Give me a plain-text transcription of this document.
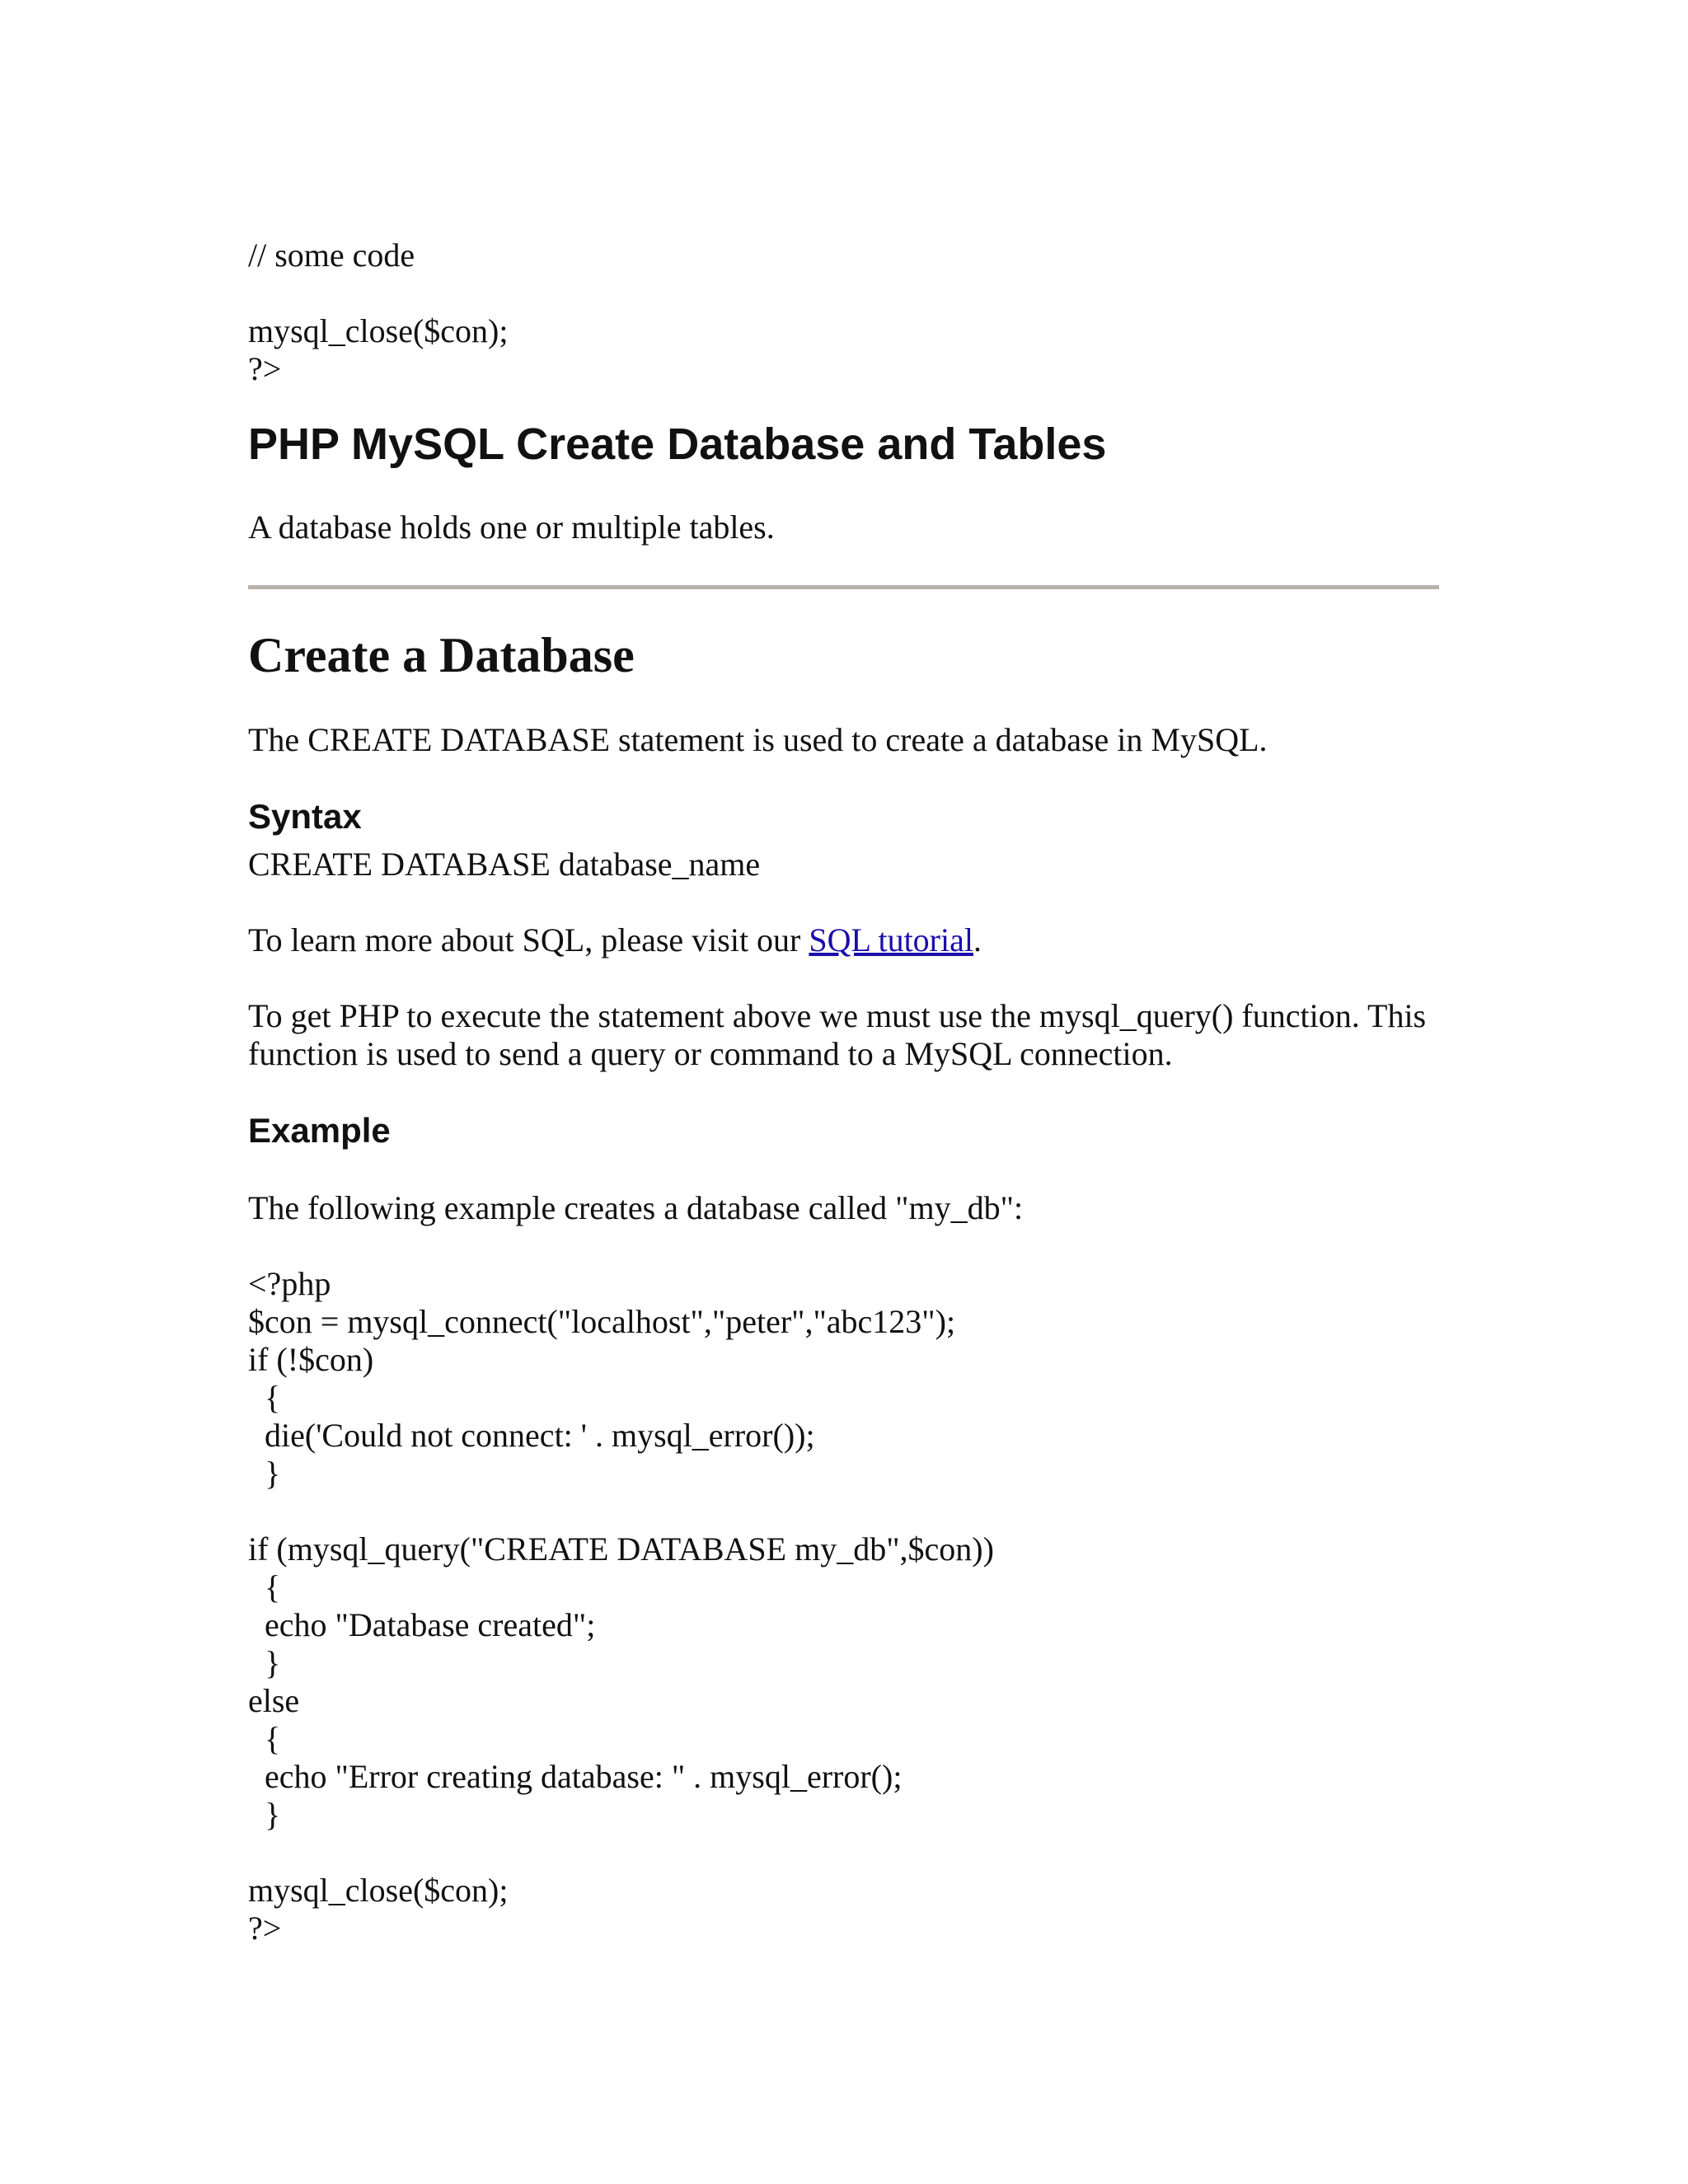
// some code

mysql_close($con);

?>

PHP MySQL Create Database and Tables

A database holds one or multiple tables.

Create a Database

The CREATE DATABASE statement is used to create a database in MySQL.

Syntax

CREATE DATABASE database_name

To learn more about SQL, please visit our SQL tutorial.

To get PHP to execute the statement above we must use the mysql_query() function. This

function is used to send a query or command to a MySQL connection.

Example

The following example creates a database called "my_db":

<?php

$con = mysql_connect("localhost","peter","abc123");

if (!$con)

{

die('Could not connect: ' . mysql_error());

}

if (mysql_query("CREATE DATABASE my_db",$con))

{

echo "Database created";

}

else

{

echo "Error creating database: " . mysql_error();

}

mysql_close($con);

?>
